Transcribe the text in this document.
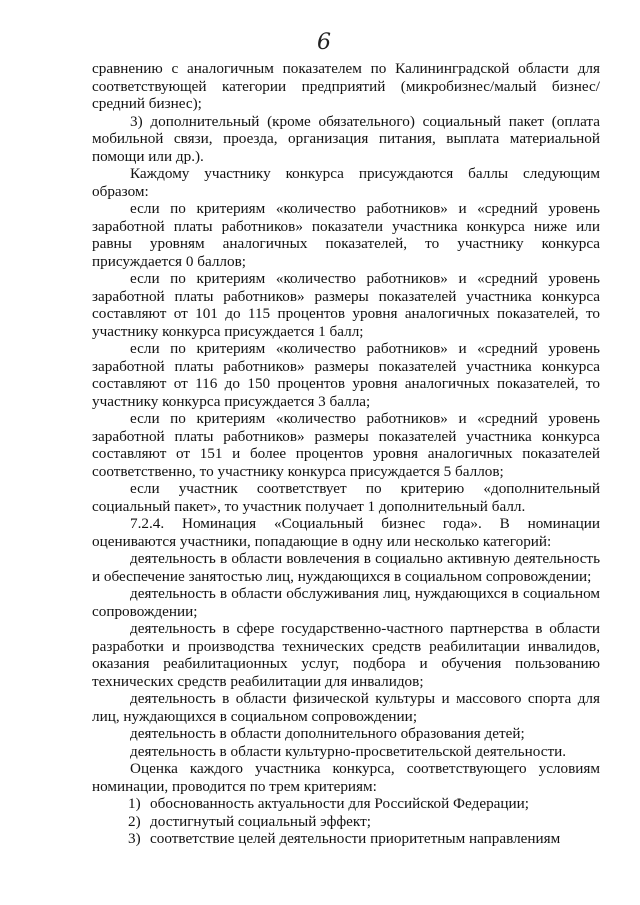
6

сравнению с аналогичным показателем по Калининградской области для соответствующей категории предприятий (микробизнес/малый бизнес/средний бизнес);

3) дополнительный (кроме обязательного) социальный пакет (оплата мобильной связи, проезда, организация питания, выплата материальной помощи или др.).

Каждому участнику конкурса присуждаются баллы следующим образом:

если по критериям «количество работников» и «средний уровень заработной платы работников» показатели участника конкурса ниже или равны уровням аналогичных показателей, то участнику конкурса присуждается 0 баллов;

если по критериям «количество работников» и «средний уровень заработной платы работников» размеры показателей участника конкурса составляют от 101 до 115 процентов уровня аналогичных показателей, то участнику конкурса присуждается 1 балл;

если по критериям «количество работников» и «средний уровень заработной платы работников» размеры показателей участника конкурса составляют от 116 до 150 процентов уровня аналогичных показателей, то участнику конкурса присуждается 3 балла;

если по критериям «количество работников» и «средний уровень заработной платы работников» размеры показателей участника конкурса составляют от 151 и более процентов уровня аналогичных показателей соответственно, то участнику конкурса присуждается 5 баллов;

если участник соответствует по критерию «дополнительный социальный пакет», то участник получает 1 дополнительный балл.

7.2.4. Номинация «Социальный бизнес года». В номинации оцениваются участники, попадающие в одну или несколько категорий:

деятельность в области вовлечения в социально активную деятельность и обеспечение занятостью лиц, нуждающихся в социальном сопровождении;

деятельность в области обслуживания лиц, нуждающихся в социальном сопровождении;

деятельность в сфере государственно-частного партнерства в области разработки и производства технических средств реабилитации инвалидов, оказания реабилитационных услуг, подбора и обучения пользованию технических средств реабилитации для инвалидов;

деятельность в области физической культуры и массового спорта для лиц, нуждающихся в социальном сопровождении;

деятельность в области дополнительного образования детей;

деятельность в области культурно-просветительской деятельности.

Оценка каждого участника конкурса, соответствующего условиям номинации, проводится по трем критериям:

1) обоснованность актуальности для Российской Федерации;
2) достигнутый социальный эффект;
3) соответствие целей деятельности приоритетным направлениям
